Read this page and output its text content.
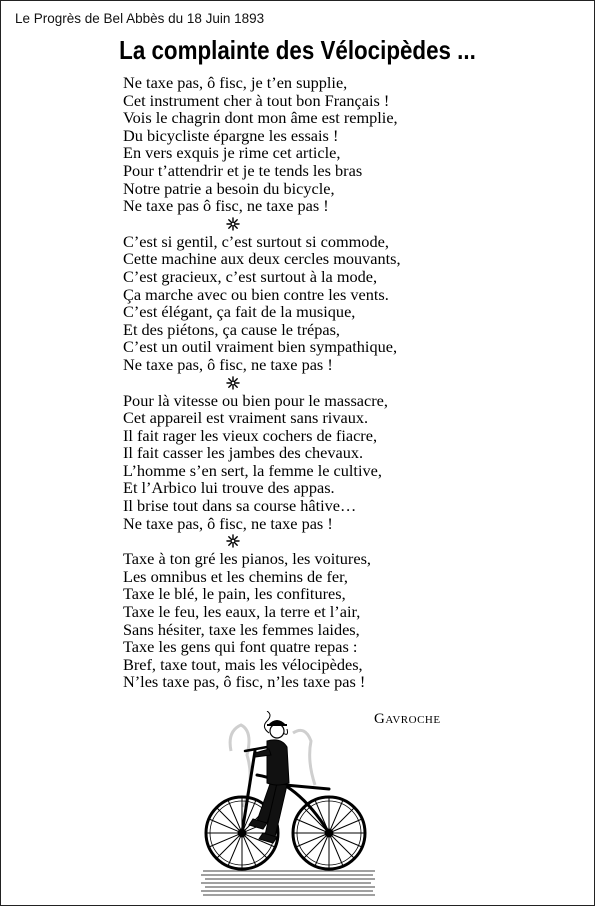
Le Progrès de Bel Abbès du 18 Juin 1893
La complainte des Vélocipèdes ...
Ne taxe pas, ô fisc, je t’en supplie,
Cet instrument cher à tout bon Français !
Vois le chagrin dont mon âme est remplie,
Du bicycliste épargne les essais !
En vers exquis je rime cet article,
Pour t’attendrir et je te tends les bras
Notre patrie a besoin du bicycle,
Ne taxe pas ô fisc, ne taxe pas !
C’est si gentil, c’est surtout si commode,
Cette machine aux deux cercles mouvants,
C’est gracieux, c’est surtout à la mode,
Ça marche avec ou bien contre les vents.
C’est élégant, ça fait de la musique,
Et des piétons, ça cause le trépas,
C’est un outil vraiment bien sympathique,
Ne taxe pas, ô fisc, ne taxe pas !
Pour là vitesse ou bien pour le massacre,
Cet appareil est vraiment sans rivaux.
Il fait rager les vieux cochers de fiacre,
Il fait casser les jambes des chevaux.
L’homme s’en sert, la femme le cultive,
Et l’Arbico lui trouve des appas.
Il brise tout dans sa course hâtive…
Ne taxe pas, ô fisc, ne taxe pas !
Taxe à ton gré les pianos, les voitures,
Les omnibus et les chemins de fer,
Taxe le blé, le pain, les confitures,
Taxe le feu, les eaux, la terre et l’air,
Sans hésiter, taxe les femmes laides,
Taxe les gens qui font quatre repas :
Bref, taxe tout, mais les vélocipèdes,
N’les taxe pas, ô fisc, n’les taxe pas !
Gavroche
